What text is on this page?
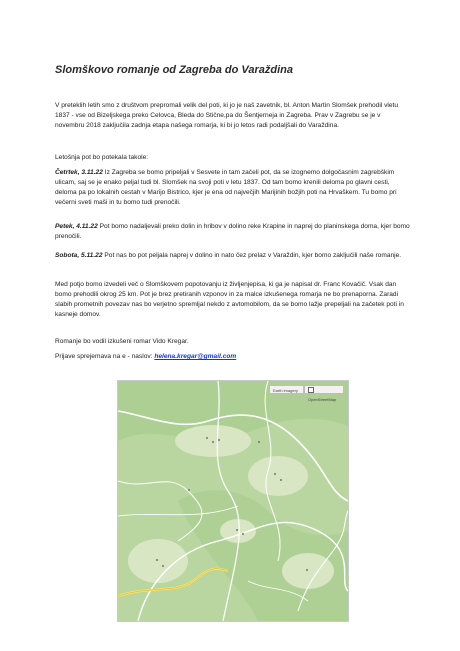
Slomškovo romanje od Zagreba do Varaždina
V preteklih letih smo z društvom prepromali velik del poti, ki jo je naš zavetnik, bl. Anton Martin Slomšek prehodil vletu 1837 - vse od Bizeljskega preko Celovca, Bleda do Stične,pa do Šentjerneja in Zagreba. Prav v Zagrebu se je v novembru 2018 zaključila zadnja etapa našega romarja, ki bi jo letos radi podaljšali do Varaždina.
Letošnja pot bo potekala takole:
Četrtek, 3.11.22 Iz Zagreba se bomo pripeljali v Sesvete in tam začeli pot, da se izognemo dolgočasnim zagrebškim ulicam, saj se je enako peljal tudi bl. Slomšek na svoji poti v letu 1837. Od tam bomo krenili deloma po glavni cesti, deloma pa po lokalnih cestah v Marijo Bistrico, kjer je ena od največjih Marijinih božjih poti na Hrvaškem. Tu bomo pri večerni sveti maši in tu bomo tudi prenočili.
Petek, 4.11.22 Pot bomo nadaljevali preko dolin in hribov v dolino reke Krapine in naprej do planinskega doma, kjer bomo prenočili.
Sobota, 5.11.22 Pot nas bo pot peljala naprej v dolino in nato čez prelaz v Varaždin, kjer bomo zaključili naše romanje.
Med potjo bomo izvedeli več o Slomškovem popotovanju iz življenjepisa, ki ga je napisal dr. Franc Kovačič. Vsak dan bomo prehodili okrog 25 km. Pot je brez pretiranih vzponov in za malce izkušenega romarja ne bo prenaporna. Zaradi slabih prometnih povezav nas bo verjetno spremljal nekdo z avtomobilom, da se bomo lažje prepeljali na začetek poti in kasneje domov.
Romanje bo vodil izkušeni romar Vido Kregar.
Prijave sprejemava na e - naslov: helena.kregar@gmail.com
Earth imagery
OpenStreetMap
